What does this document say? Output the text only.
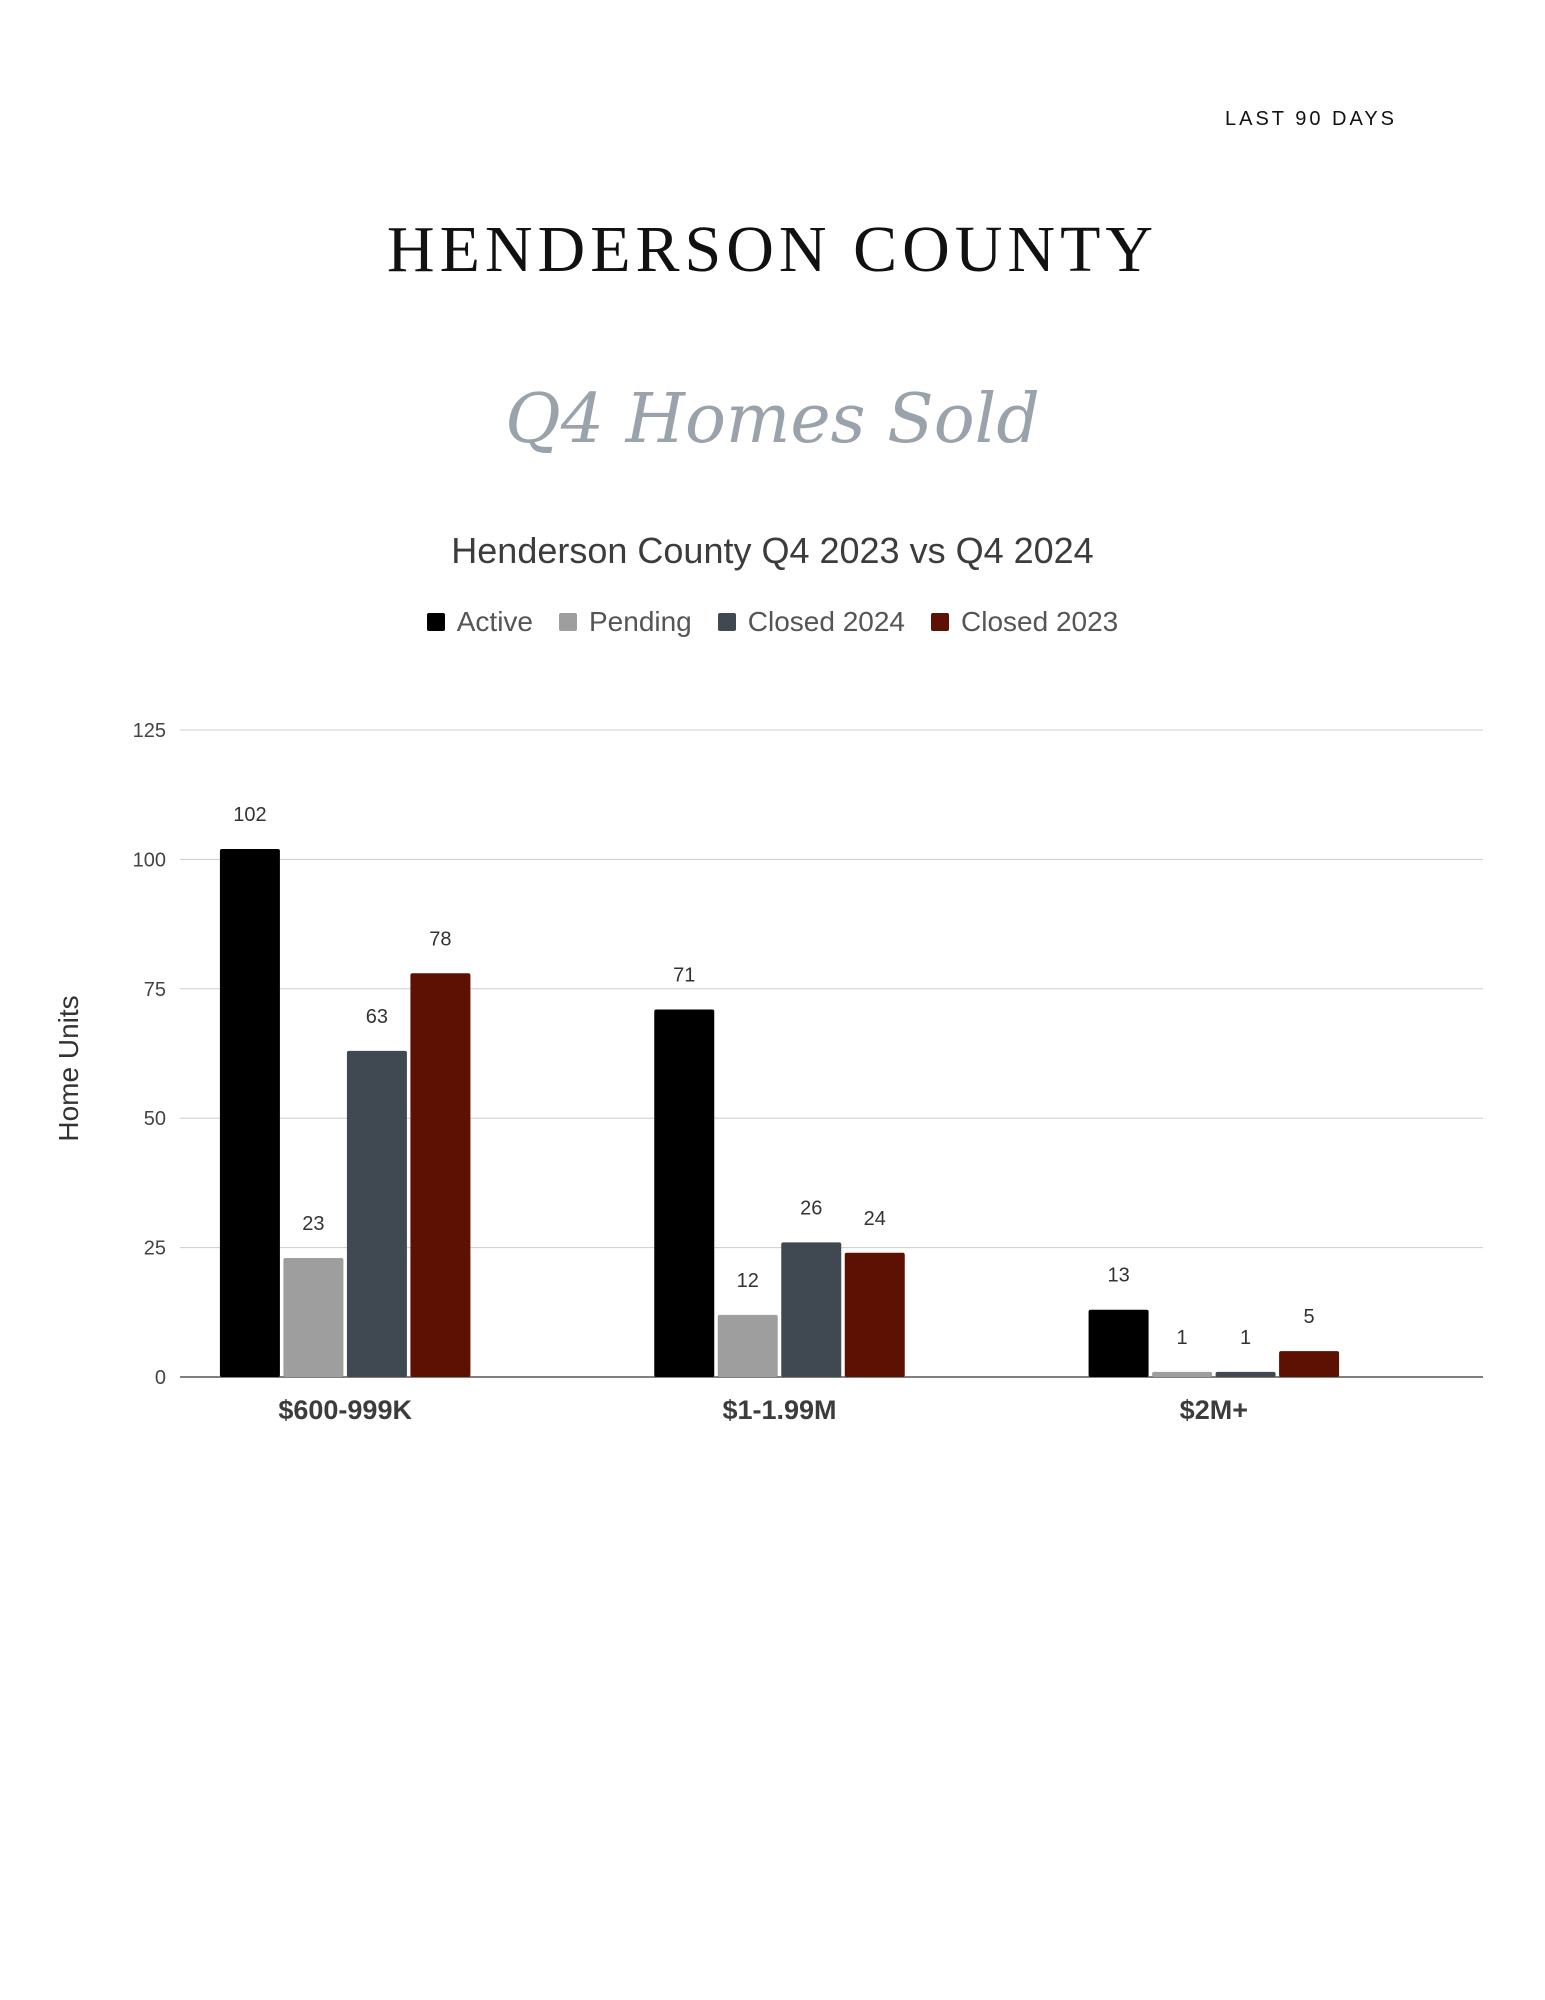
LAST 90 DAYS
HENDERSON COUNTY
Q4 Homes Sold
Henderson County Q4 2023 vs Q4 2024
Active Pending Closed 2024 Closed 2023
0
25
50
75
100
125
Home Units
102
23
63
78
$600-999K
71
12
26 24
$1-1.99M
13
1	1
5
$2M+
